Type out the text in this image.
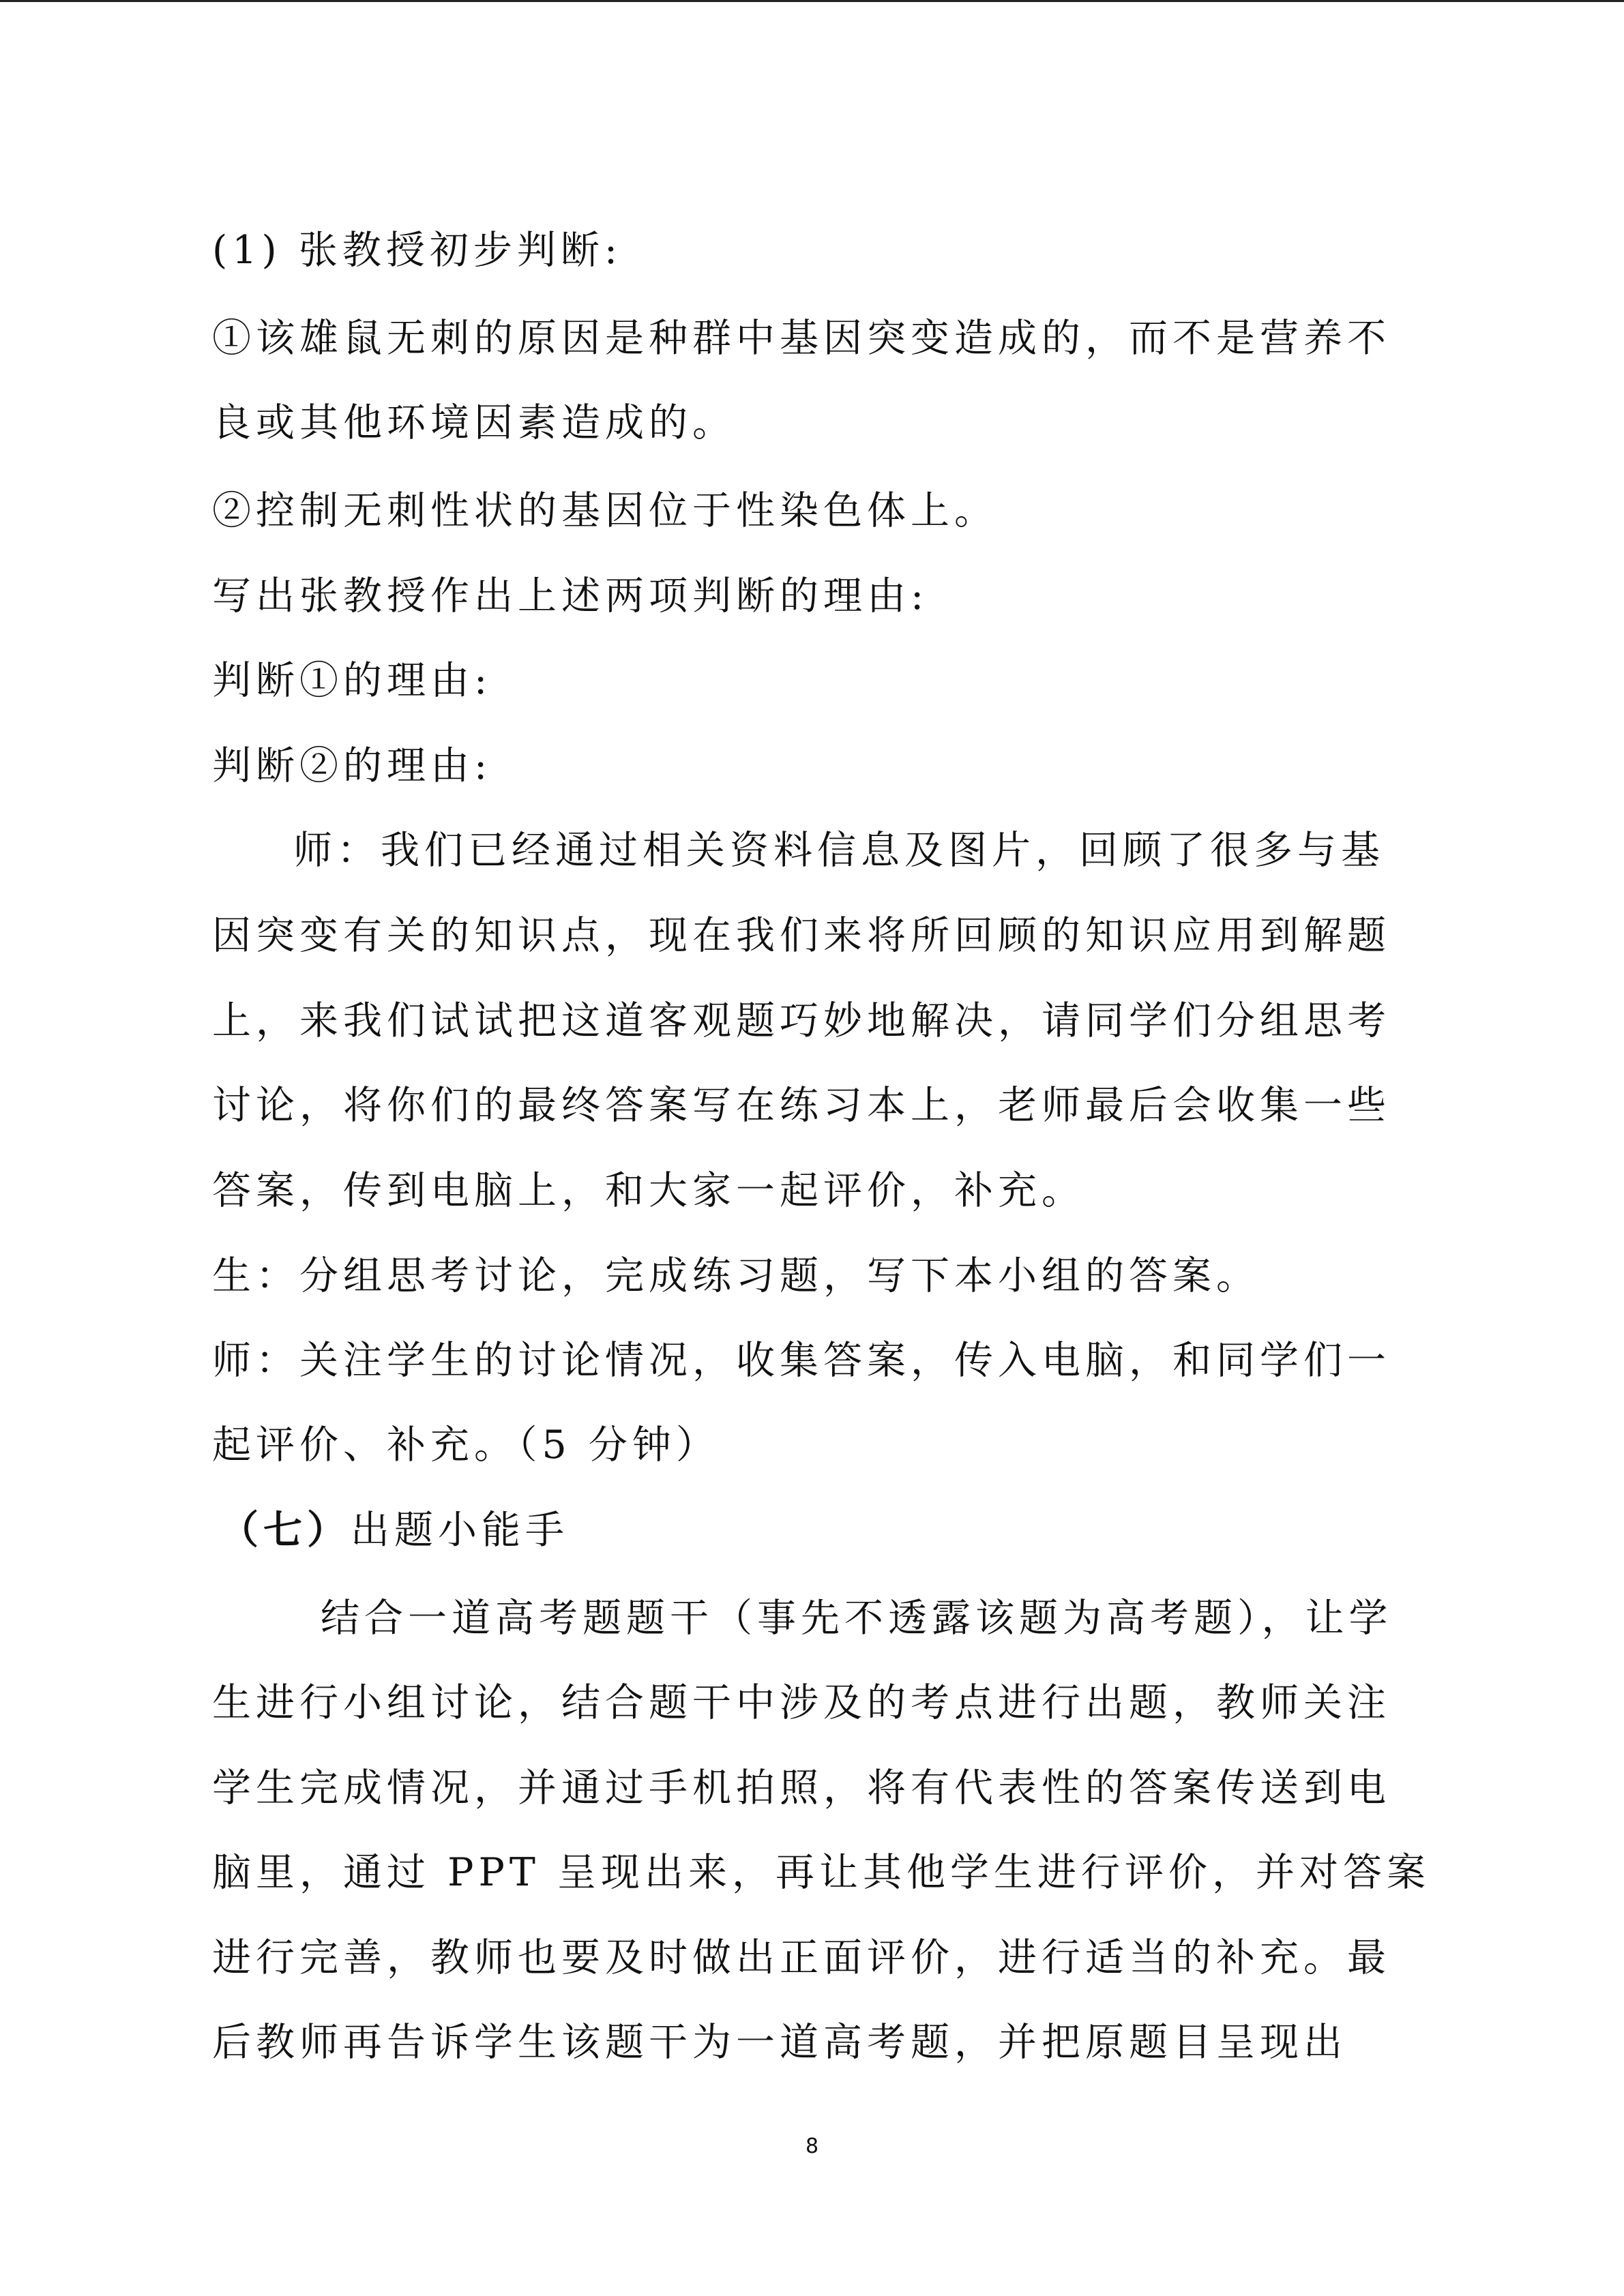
(1) 张教授初步判断:
①该雄鼠无刺的原因是种群中基因突变造成的，而不是营养不
良或其他环境因素造成的。
②控制无刺性状的基因位于性染色体上。
写出张教授作出上述两项判断的理由:
判断①的理由:
判断②的理由:
师：我们已经通过相关资料信息及图片，回顾了很多与基
因突变有关的知识点，现在我们来将所回顾的知识应用到解题
上，来我们试试把这道客观题巧妙地解决，请同学们分组思考
讨论，将你们的最终答案写在练习本上，老师最后会收集一些
答案，传到电脑上，和大家一起评价，补充。
生：分组思考讨论，完成练习题，写下本小组的答案。
师：关注学生的讨论情况，收集答案，传入电脑，和同学们一
起评价、补充。（5 分钟）
（七）出题小能手
结合一道高考题题干（事先不透露该题为高考题），让学
生进行小组讨论，结合题干中涉及的考点进行出题，教师关注
学生完成情况，并通过手机拍照，将有代表性的答案传送到电
脑里，通过 PPT 呈现出来，再让其他学生进行评价，并对答案
进行完善，教师也要及时做出正面评价，进行适当的补充。最
后教师再告诉学生该题干为一道高考题，并把原题目呈现出
8
